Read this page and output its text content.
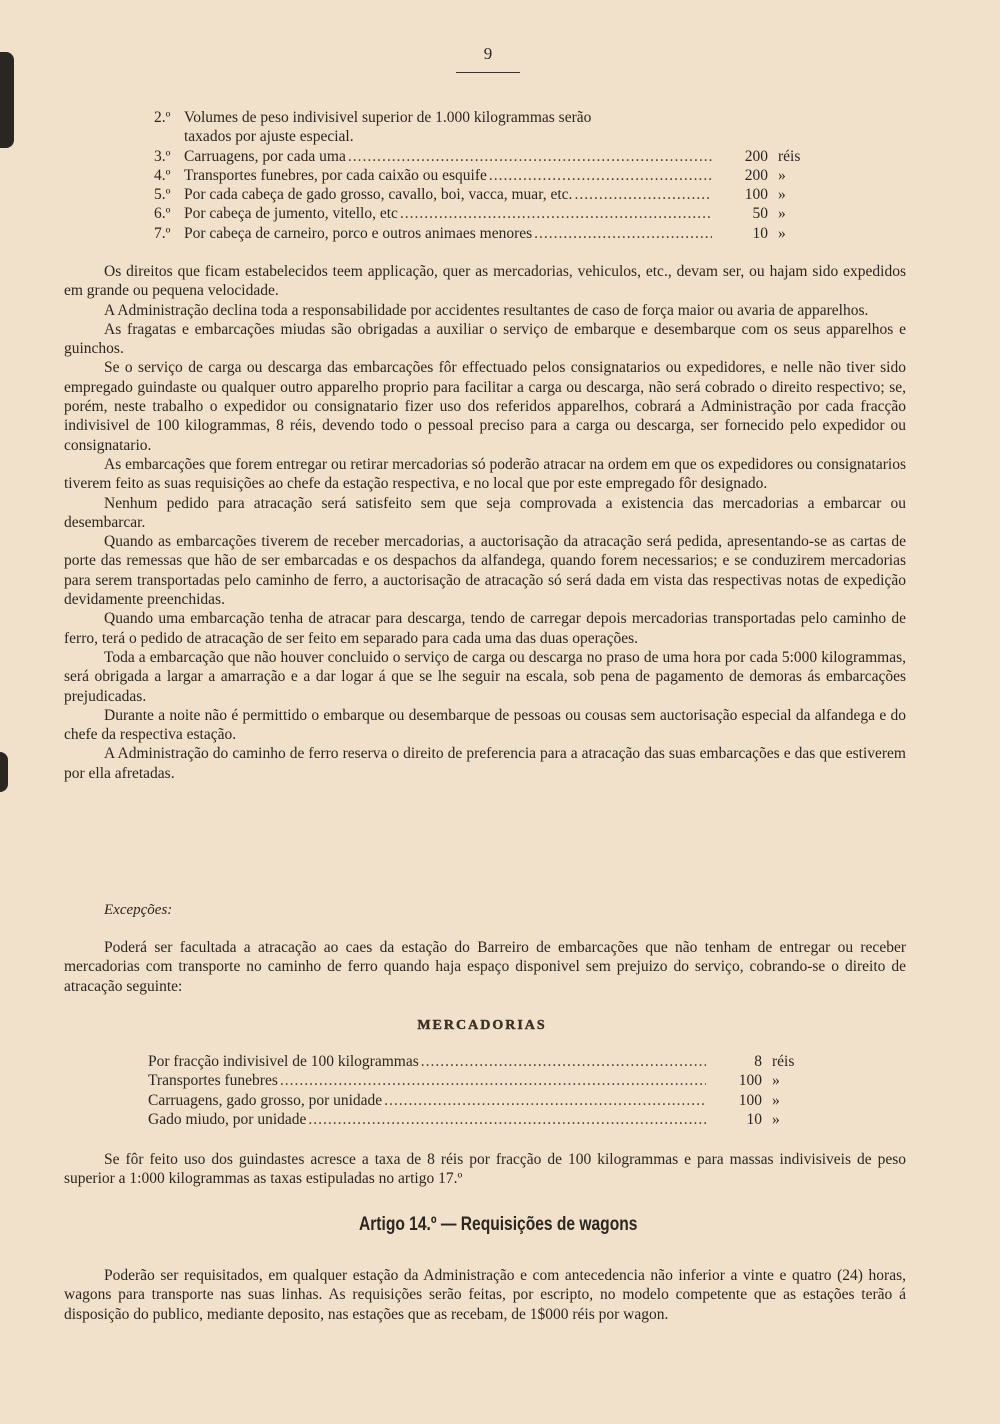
9
2.º Volumes de peso indivisivel superior de 1.000 kilogrammas serão
taxados por ajuste especial.
3.º Carruagens, por cada uma .....	200 réis
4.º Transportes funebres, por cada caixão ou esquife .....	200 »
5.º Por cada cabeça de gado grosso, cavallo, boi, vacca, muar, etc. .....	100 »
6.º Por cabeça de jumento, vitello, etc .....	50 »
7.º Por cabeça de carneiro, porco e outros animaes menores .....	10 »

Os direitos que ficam estabelecidos teem applicação, quer as mercadorias, vehiculos, etc., devam ser, ou hajam sido expedidos em grande ou pequena velocidade.

A Administração declina toda a responsabilidade por accidentes resultantes de caso de força maior ou avaria de apparelhos.

As fragatas e embarcações miudas são obrigadas a auxiliar o serviço de embarque e desembarque com os seus apparelhos e guinchos.

Se o serviço de carga ou descarga das embarcações fôr effectuado pelos consignatarios ou expedidores, e nelle não tiver sido empregado guindaste ou qualquer outro apparelho proprio para facilitar a carga ou descarga, não será cobrado o direito respectivo; se, porém, neste trabalho o expedidor ou consignatario fizer uso dos referidos apparelhos, cobrará a Administração por cada fracção indivisivel de 100 kilogrammas, 8 réis, devendo todo o pessoal preciso para a carga ou descarga, ser fornecido pelo expedidor ou consignatario.

As embarcações que forem entregar ou retirar mercadorias só poderão atracar na ordem em que os expedidores ou consignatarios tiverem feito as suas requisições ao chefe da estação respectiva, e no local que por este empregado fôr designado.

Nenhum pedido para atracação será satisfeito sem que seja comprovada a existencia das mercadorias a embarcar ou desembarcar.

Quando as embarcações tiverem de receber mercadorias, a auctorisação da atracação será pedida, apresentando-se as cartas de porte das remessas que hão de ser embarcadas e os despachos da alfandega, quando forem necessarios; e se conduzirem mercadorias para serem transportadas pelo caminho de ferro, a auctorisação de atracação só será dada em vista das respectivas notas de expedição devidamente preenchidas.

Quando uma embarcação tenha de atracar para descarga, tendo de carregar depois mercadorias transportadas pelo caminho de ferro, terá o pedido de atracação de ser feito em separado para cada uma das duas operações.

Toda a embarcação que não houver concluido o serviço de carga ou descarga no praso de uma hora por cada 5:000 kilogrammas, será obrigada a largar a amarração e a dar logar á que se lhe seguir na escala, sob pena de pagamento de demoras ás embarcações prejudicadas.

Durante a noite não é permittido o embarque ou desembarque de pessoas ou cousas sem auctorisação especial da alfandega e do chefe da respectiva estação.

A Administração do caminho de ferro reserva o direito de preferencia para a atracação das suas embarcações e das que estiverem por ella afretadas.

Excepções:

Poderá ser facultada a atracação ao caes da estação do Barreiro de embarcações que não tenham de entregar ou receber mercadorias com transporte no caminho de ferro quando haja espaço disponivel sem prejuizo do serviço, cobrando-se o direito de atracação seguinte:

MERCADORIAS
Por fracção indivisivel de 100 kilogrammas .....	8 réis
Transportes funebres .....	100 »
Carruagens, gado grosso, por unidade .....	100 »
Gado miudo, por unidade .....	10 »

Se fôr feito uso dos guindastes acresce a taxa de 8 réis por fracção de 100 kilogrammas e para massas indivisiveis de peso superior a 1:000 kilogrammas as taxas estipuladas no artigo 17.º

Artigo 14.º — Requisições de wagons

Poderão ser requisitados, em qualquer estação da Administração e com antecedencia não inferior a vinte e quatro (24) horas, wagons para transporte nas suas linhas. As requisições serão feitas, por escripto, no modelo competente que as estações terão á disposição do publico, mediante deposito, nas estações que as recebam, de 1$000 réis por wagon.
